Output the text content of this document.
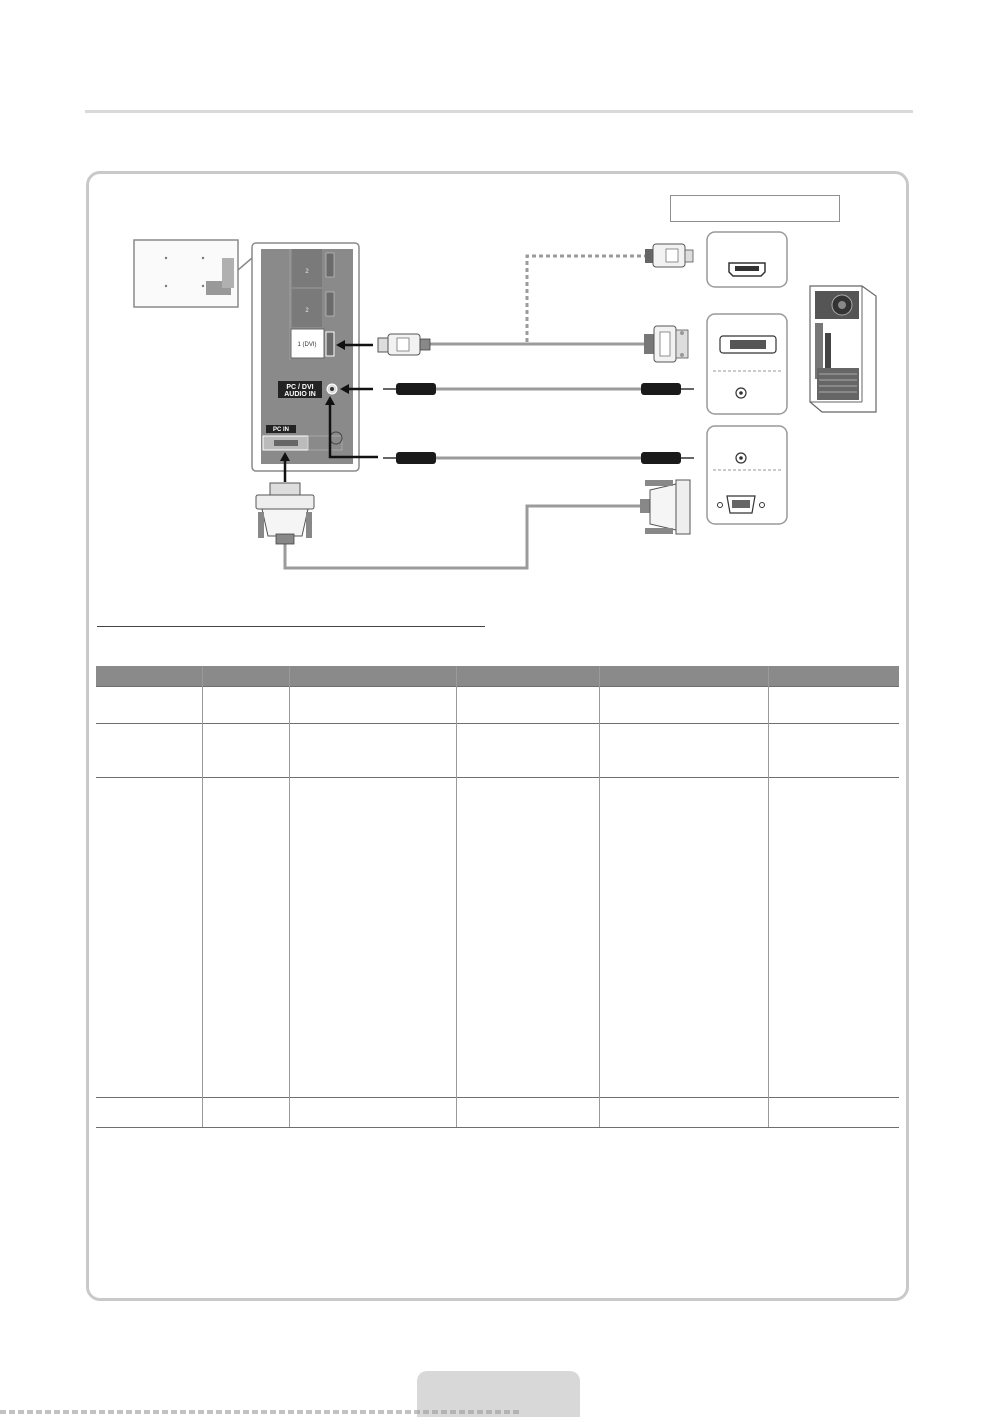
2
2
1 (DVI)
PC / DVI
AUDIO IN
PC IN
